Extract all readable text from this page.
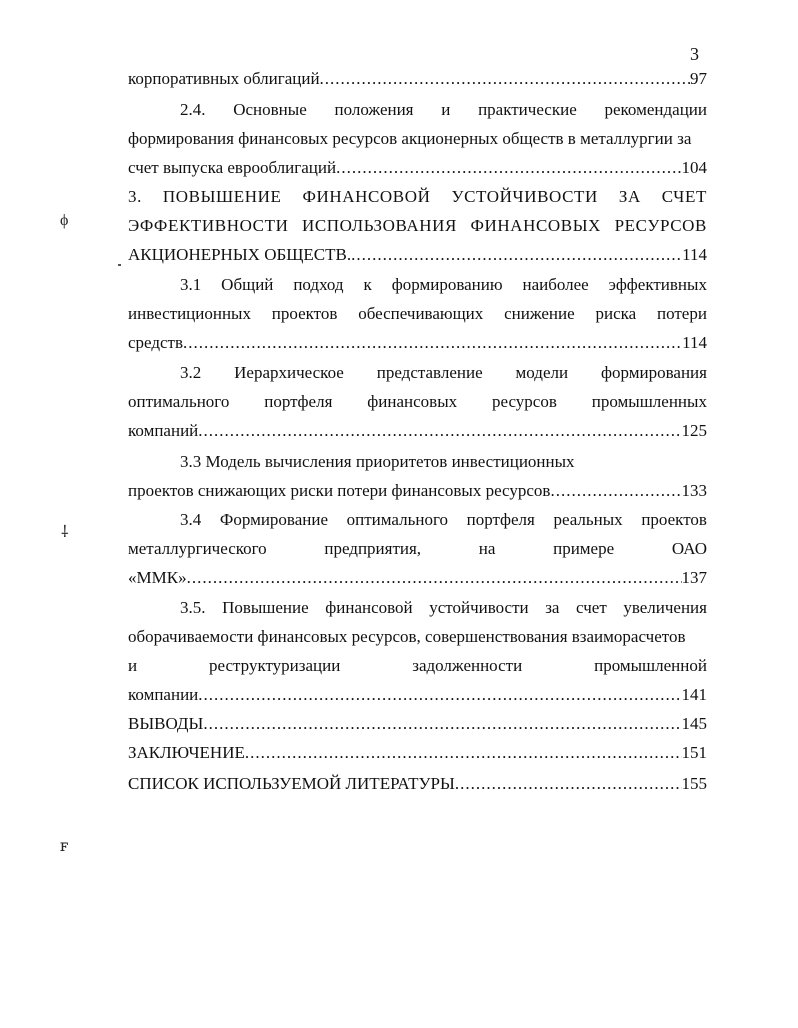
3
корпоративных облигаций .....	97
2.4. Основные положения и практические рекомендации
формирования финансовых ресурсов акционерных обществ в металлургии за
счет выпуска еврооблигаций .....	104
3. ПОВЫШЕНИЕ ФИНАНСОВОЙ УСТОЙЧИВОСТИ ЗА СЧЕТ
ЭФФЕКТИВНОСТИ ИСПОЛЬЗОВАНИЯ ФИНАНСОВЫХ РЕСУРСОВ
АКЦИОНЕРНЫХ ОБЩЕСТВ. .....	114
3.1 Общий подход к формированию наиболее эффективных
инвестиционных проектов обеспечивающих снижение риска потери
средств .....	114
3.2 Иерархическое представление модели формирования
оптимального портфеля финансовых ресурсов промышленных
компаний .....	125
3.3 Модель вычисления приоритетов инвестиционных
проектов снижающих риски потери финансовых ресурсов .....	133
3.4 Формирование оптимального портфеля реальных проектов
металлургического	предприятия,	на	примере	ОАО
«ММК» .....	137
3.5. Повышение финансовой устойчивости за счет увеличения
оборачиваемости финансовых ресурсов, совершенствования взаиморасчетов
и	реструктуризации	задолженности	промышленной
компании .....	141
ВЫВОДЫ .....	145
ЗАКЛЮЧЕНИЕ .....	151
СПИСОК ИСПОЛЬЗУЕМОЙ ЛИТЕРАТУРЫ .....	155
ϕ
⸸
ꜰ
